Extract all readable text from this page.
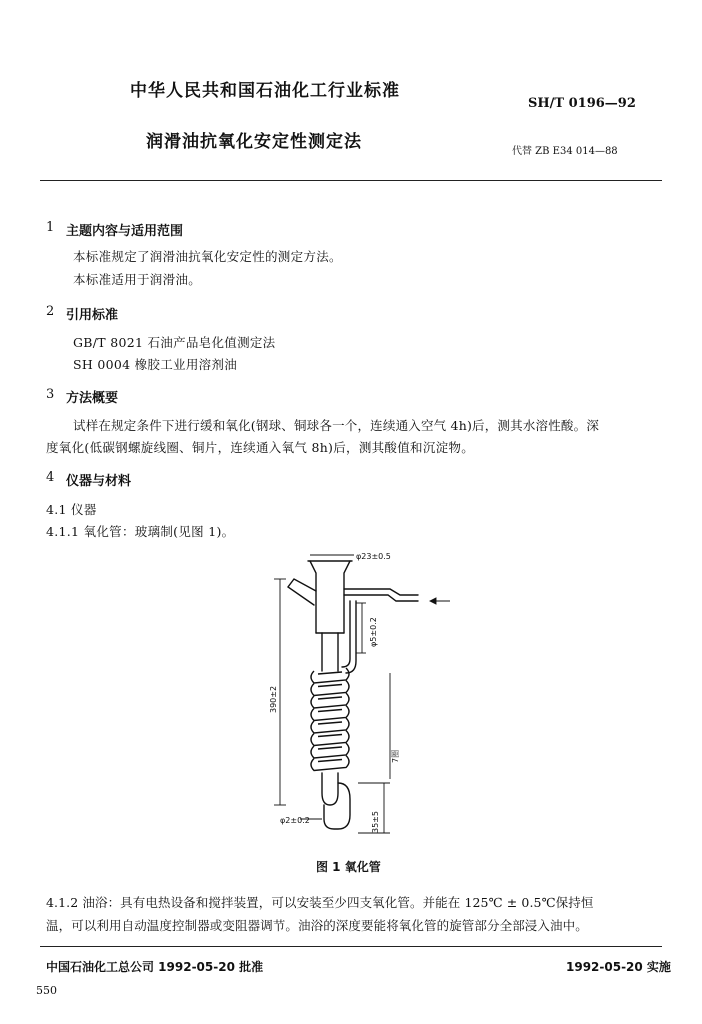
中华人民共和国石油化工行业标准
SH/T 0196—92
润滑油抗氧化安定性测定法	代替 ZB E34 014—88
1 主题内容与适用范围
本标准规定了润滑油抗氧化安定性的测定方法。
本标准适用于润滑油。
2 引用标准
GB/T 8021 石油产品皂化值测定法
SH 0004 橡胶工业用溶剂油
3 方法概要
试样在规定条件下进行缓和氧化(钢球、铜球各一个，连续通入空气 4h)后，测其水溶性酸。深
度氧化(低碳钢螺旋线圈、铜片，连续通入氧气 8h)后，测其酸值和沉淀物。
4 仪器与材料
4.1 仪器
4.1.1 氧化管：玻璃制(见图 1)。
φ23±0.5
φ5±0.2
390±2
7圈
φ2±0.2	35±5
图 1 氧化管
4.1.2 油浴：具有电热设备和搅拌装置，可以安装至少四支氧化管。并能在 125℃ ± 0.5℃保持恒
温，可以利用自动温度控制器或变阻器调节。油浴的深度要能将氧化管的旋管部分全部浸入油中。
中国石油化工总公司 1992-05-20 批准	1992-05-20 实施
550
